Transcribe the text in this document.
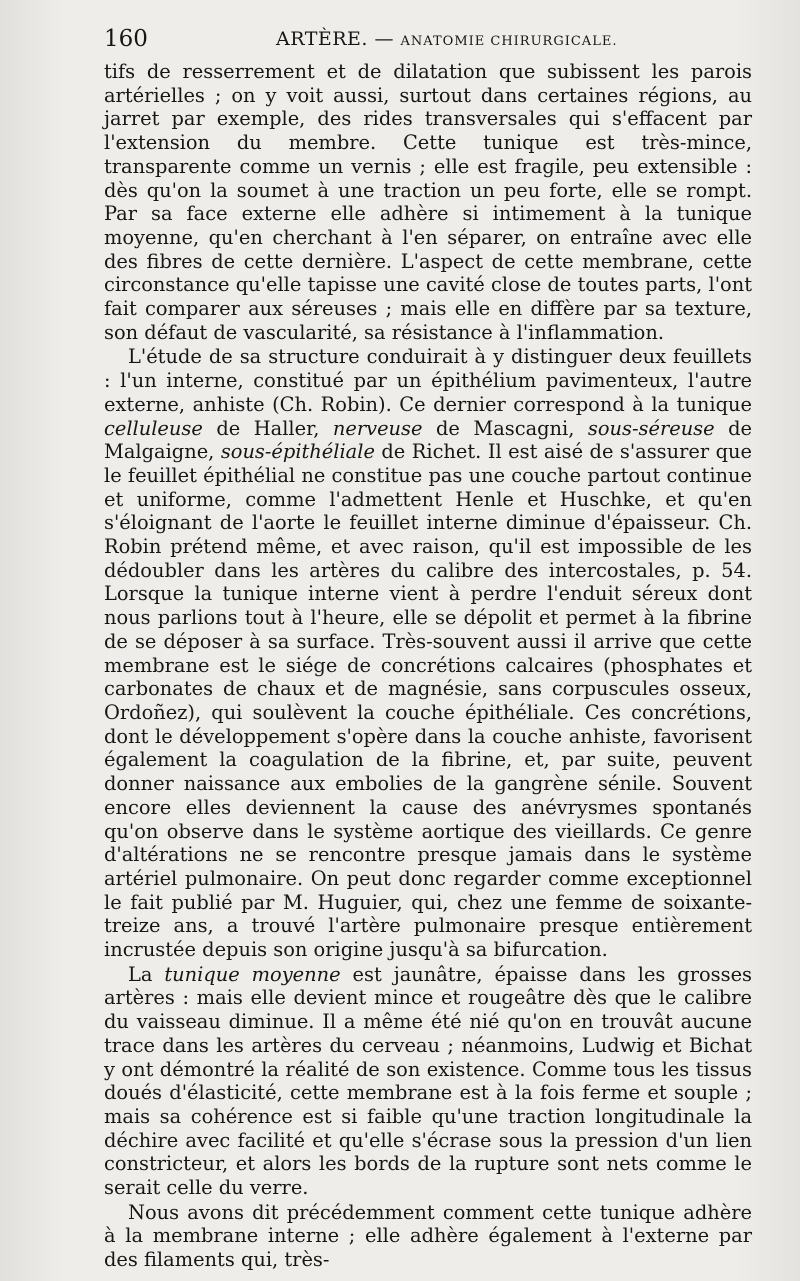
160	ARTÈRE. — ANATOMIE CHIRURGICALE.

tifs de resserrement et de dilatation que subissent les parois artérielles ; on y voit aussi, surtout dans certaines régions, au jarret par exemple, des rides transversales qui s'effacent par l'extension du membre. Cette tunique est très-mince, transparente comme un vernis ; elle est fragile, peu extensible : dès qu'on la soumet à une traction un peu forte, elle se rompt. Par sa face externe elle adhère si intimement à la tunique moyenne, qu'en cherchant à l'en séparer, on entraîne avec elle des fibres de cette dernière. L'aspect de cette membrane, cette circonstance qu'elle tapisse une cavité close de toutes parts, l'ont fait comparer aux séreuses ; mais elle en diffère par sa texture, son défaut de vascularité, sa résistance à l'inflammation.

L'étude de sa structure conduirait à y distinguer deux feuillets : l'un interne, constitué par un épithélium pavimenteux, l'autre externe, anhiste (Ch. Robin). Ce dernier correspond à la tunique celluleuse de Haller, nerveuse de Mascagni, sous-séreuse de Malgaigne, sous-épithéliale de Richet. Il est aisé de s'assurer que le feuillet épithélial ne constitue pas une couche partout continue et uniforme, comme l'admettent Henle et Huschke, et qu'en s'éloignant de l'aorte le feuillet interne diminue d'épaisseur. Ch. Robin prétend même, et avec raison, qu'il est impossible de les dédoubler dans les artères du calibre des intercostales, p. 54. Lorsque la tunique interne vient à perdre l'enduit séreux dont nous parlions tout à l'heure, elle se dépolit et permet à la fibrine de se déposer à sa surface. Très-souvent aussi il arrive que cette membrane est le siége de concrétions calcaires (phosphates et carbonates de chaux et de magnésie, sans corpuscules osseux, Ordoñez), qui soulèvent la couche épithéliale. Ces concrétions, dont le développement s'opère dans la couche anhiste, favorisent également la coagulation de la fibrine, et, par suite, peuvent donner naissance aux embolies de la gangrène sénile. Souvent encore elles deviennent la cause des anévrysmes spontanés qu'on observe dans le système aortique des vieillards. Ce genre d'altérations ne se rencontre presque jamais dans le système artériel pulmonaire. On peut donc regarder comme exceptionnel le fait publié par M. Huguier, qui, chez une femme de soixante-treize ans, a trouvé l'artère pulmonaire presque entièrement incrustée depuis son origine jusqu'à sa bifurcation.

La tunique moyenne est jaunâtre, épaisse dans les grosses artères : mais elle devient mince et rougeâtre dès que le calibre du vaisseau diminue. Il a même été nié qu'on en trouvât aucune trace dans les artères du cerveau ; néanmoins, Ludwig et Bichat y ont démontré la réalité de son existence. Comme tous les tissus doués d'élasticité, cette membrane est à la fois ferme et souple ; mais sa cohérence est si faible qu'une traction longitudinale la déchire avec facilité et qu'elle s'écrase sous la pression d'un lien constricteur, et alors les bords de la rupture sont nets comme le serait celle du verre.

Nous avons dit précédemment comment cette tunique adhère à la membrane interne ; elle adhère également à l'externe par des filaments qui, très-
